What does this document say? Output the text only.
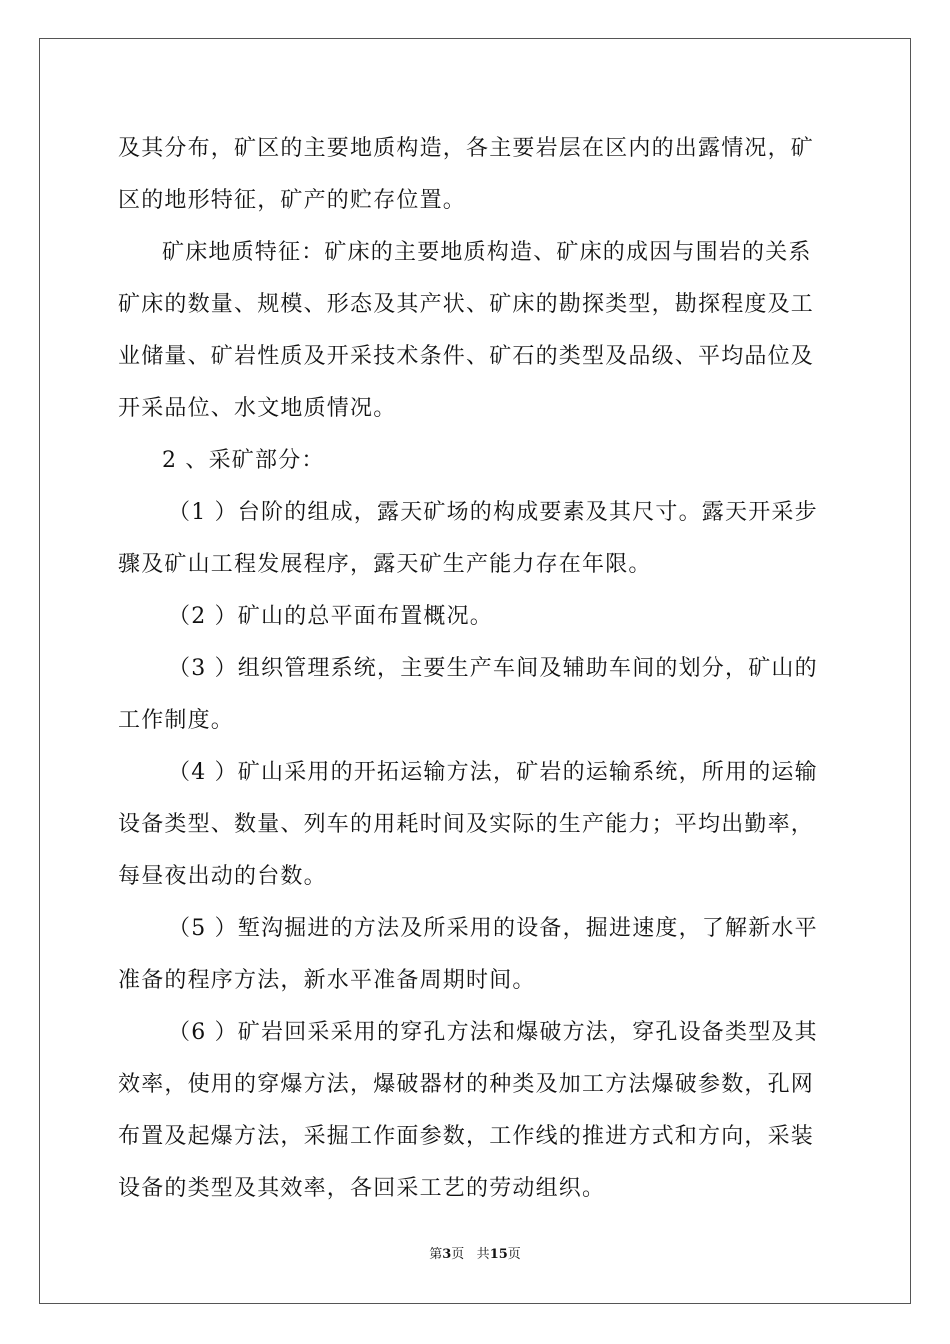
及其分布，矿区的主要地质构造，各主要岩层在区内的出露情况，矿
区的地形特征，矿产的贮存位置。
矿床地质特征：矿床的主要地质构造、矿床的成因与围岩的关系
矿床的数量、规模、形态及其产状、矿床的勘探类型，勘探程度及工
业储量、矿岩性质及开采技术条件、矿石的类型及品级、平均品位及
开采品位、水文地质情况。
2 、采矿部分：
（1 ）台阶的组成，露天矿场的构成要素及其尺寸。露天开采步
骤及矿山工程发展程序，露天矿生产能力存在年限。
（2 ）矿山的总平面布置概况。
（3 ）组织管理系统，主要生产车间及辅助车间的划分，矿山的
工作制度。
（4 ）矿山采用的开拓运输方法，矿岩的运输系统，所用的运输
设备类型、数量、列车的用耗时间及实际的生产能力；平均出勤率，
每昼夜出动的台数。
（5 ）堑沟掘进的方法及所采用的设备，掘进速度，了解新水平
准备的程序方法，新水平准备周期时间。
（6 ）矿岩回采采用的穿孔方法和爆破方法，穿孔设备类型及其
效率，使用的穿爆方法，爆破器材的种类及加工方法爆破参数，孔网
布置及起爆方法，采掘工作面参数，工作线的推进方式和方向，采装
设备的类型及其效率，各回采工艺的劳动组织。
第3页 共15页
